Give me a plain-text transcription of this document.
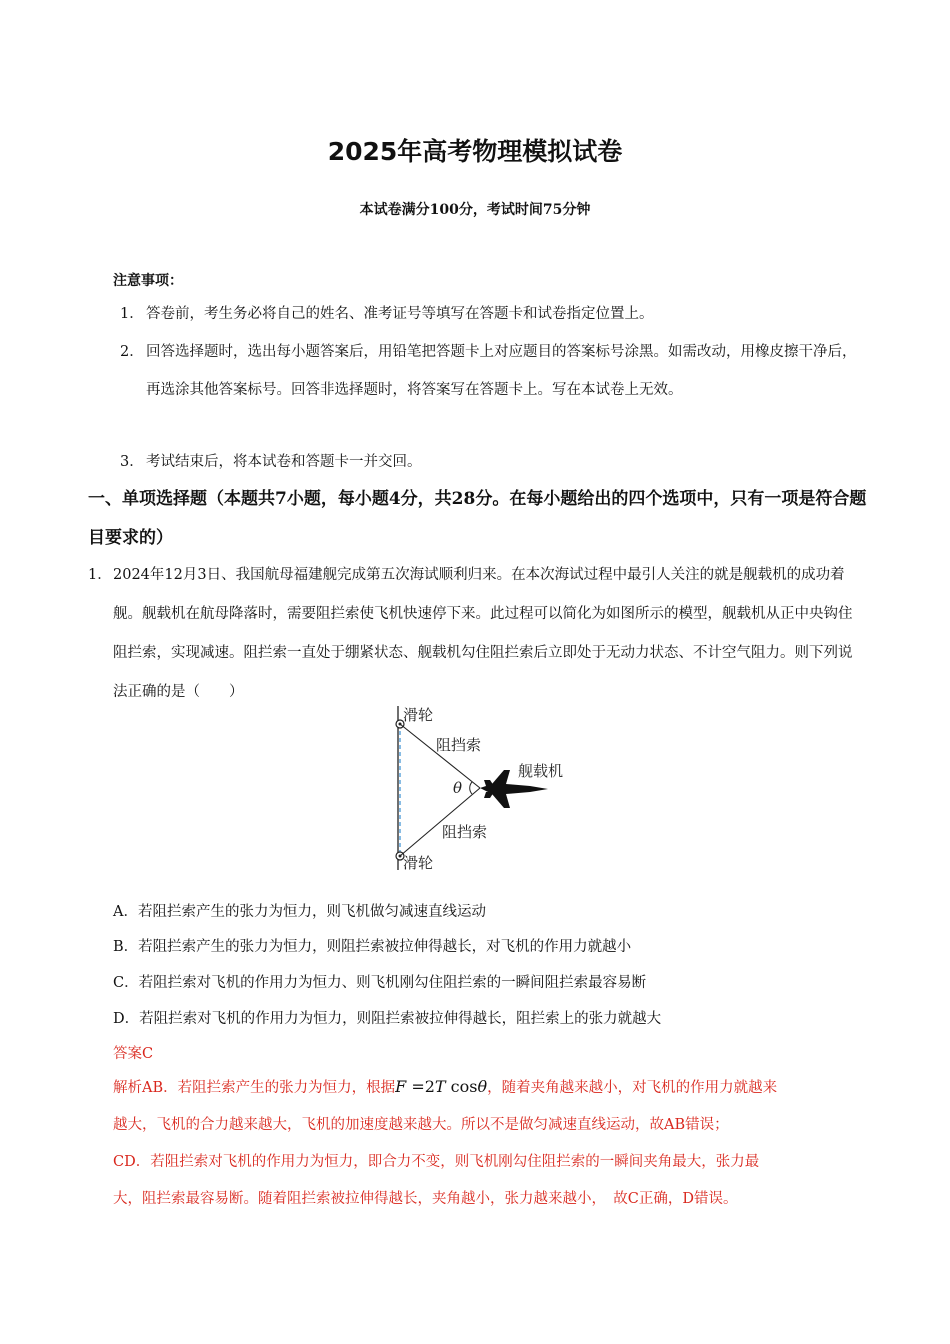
2025年高考物理模拟试卷
本试卷满分100分，考试时间75分钟
注意事项：
1． 答卷前，考生务必将自己的姓名、准考证号等填写在答题卡和试卷指定位置上。
2． 回答选择题时，选出每小题答案后，用铅笔把答题卡上对应题目的答案标号涂黑。如需改动，用橡皮擦干净后，再选涂其他答案标号。回答非选择题时，将答案写在答题卡上。写在本试卷上无效。
3． 考试结束后，将本试卷和答题卡一并交回。
一、单项选择题（本题共7小题，每小题4分，共28分。在每小题给出的四个选项中，只有一项是符合题目要求的）
1． 2024年12月3日、我国航母福建舰完成第五次海试顺利归来。在本次海试过程中最引人关注的就是舰载机的成功着舰。舰载机在航母降落时，需要阻拦索使飞机快速停下来。此过程可以简化为如图所示的模型，舰载机从正中央钩住阻拦索，实现减速。阻拦索一直处于绷紧状态、舰载机勾住阻拦索后立即处于无动力状态、不计空气阻力。则下列说法正确的是（　　）
滑轮
滑轮
阻挡索
阻挡索
舰载机
θ
A．若阻拦索产生的张力为恒力，则飞机做匀减速直线运动
B．若阻拦索产生的张力为恒力，则阻拦索被拉伸得越长，对飞机的作用力就越小
C．若阻拦索对飞机的作用力为恒力、则飞机刚勾住阻拦索的一瞬间阻拦索最容易断
D．若阻拦索对飞机的作用力为恒力，则阻拦索被拉伸得越长，阻拦索上的张力就越大
答案C
解析AB．若阻拦索产生的张力为恒力，根据F =2T cosθ，随着夹角越来越小，对飞机的作用力就越来
越大，飞机的合力越来越大，飞机的加速度越来越大。所以不是做匀减速直线运动，故AB错误；
CD．若阻拦索对飞机的作用力为恒力，即合力不变，则飞机刚勾住阻拦索的一瞬间夹角最大，张力最
大，阻拦索最容易断。随着阻拦索被拉伸得越长，夹角越小，张力越来越小，　故C正确，D错误。
